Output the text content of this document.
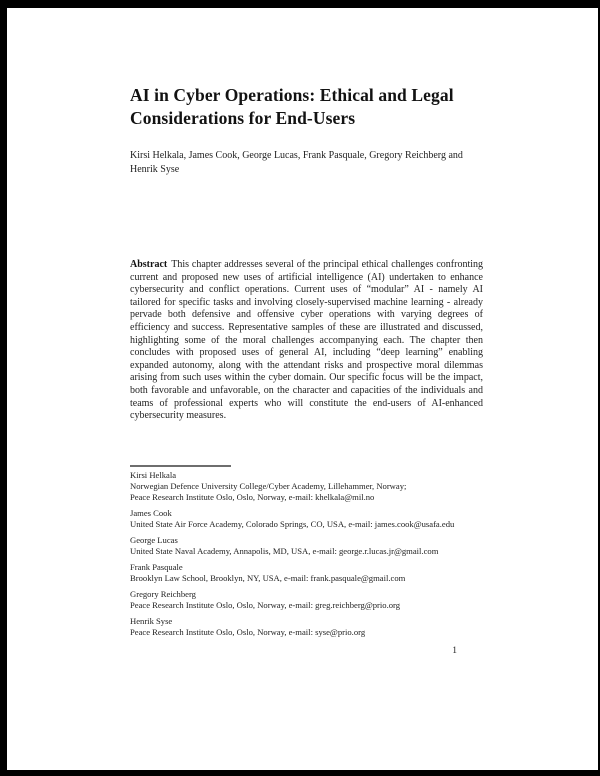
AI in Cyber Operations: Ethical and Legal
Considerations for End-Users
Kirsi Helkala, James Cook, George Lucas, Frank Pasquale, Gregory Reichberg and
Henrik Syse
Abstract This chapter addresses several of the principal ethical challenges confronting current and proposed new uses of artificial intelligence (AI) undertaken to enhance cybersecurity and conflict operations. Current uses of “modular” AI - namely AI tailored for specific tasks and involving closely-supervised machine learning - already pervade both defensive and offensive cyber operations with varying degrees of efficiency and success. Representative samples of these are illustrated and discussed, highlighting some of the moral challenges accompanying each. The chapter then concludes with proposed uses of general AI, including “deep learning” enabling expanded autonomy, along with the attendant risks and prospective moral dilemmas arising from such uses within the cyber domain. Our specific focus will be the impact, both favorable and unfavorable, on the character and capacities of the individuals and teams of professional experts who will constitute the end-users of AI-enhanced cybersecurity measures.
Kirsi Helkala
Norwegian Defence University College/Cyber Academy, Lillehammer, Norway;
Peace Research Institute Oslo, Oslo, Norway, e-mail: khelkala@mil.no
James Cook
United State Air Force Academy, Colorado Springs, CO, USA, e-mail: james.cook@usafa.edu
George Lucas
United State Naval Academy, Annapolis, MD, USA, e-mail: george.r.lucas.jr@gmail.com
Frank Pasquale
Brooklyn Law School, Brooklyn, NY, USA, e-mail: frank.pasquale@gmail.com
Gregory Reichberg
Peace Research Institute Oslo, Oslo, Norway, e-mail: greg.reichberg@prio.org
Henrik Syse
Peace Research Institute Oslo, Oslo, Norway, e-mail: syse@prio.org
1
